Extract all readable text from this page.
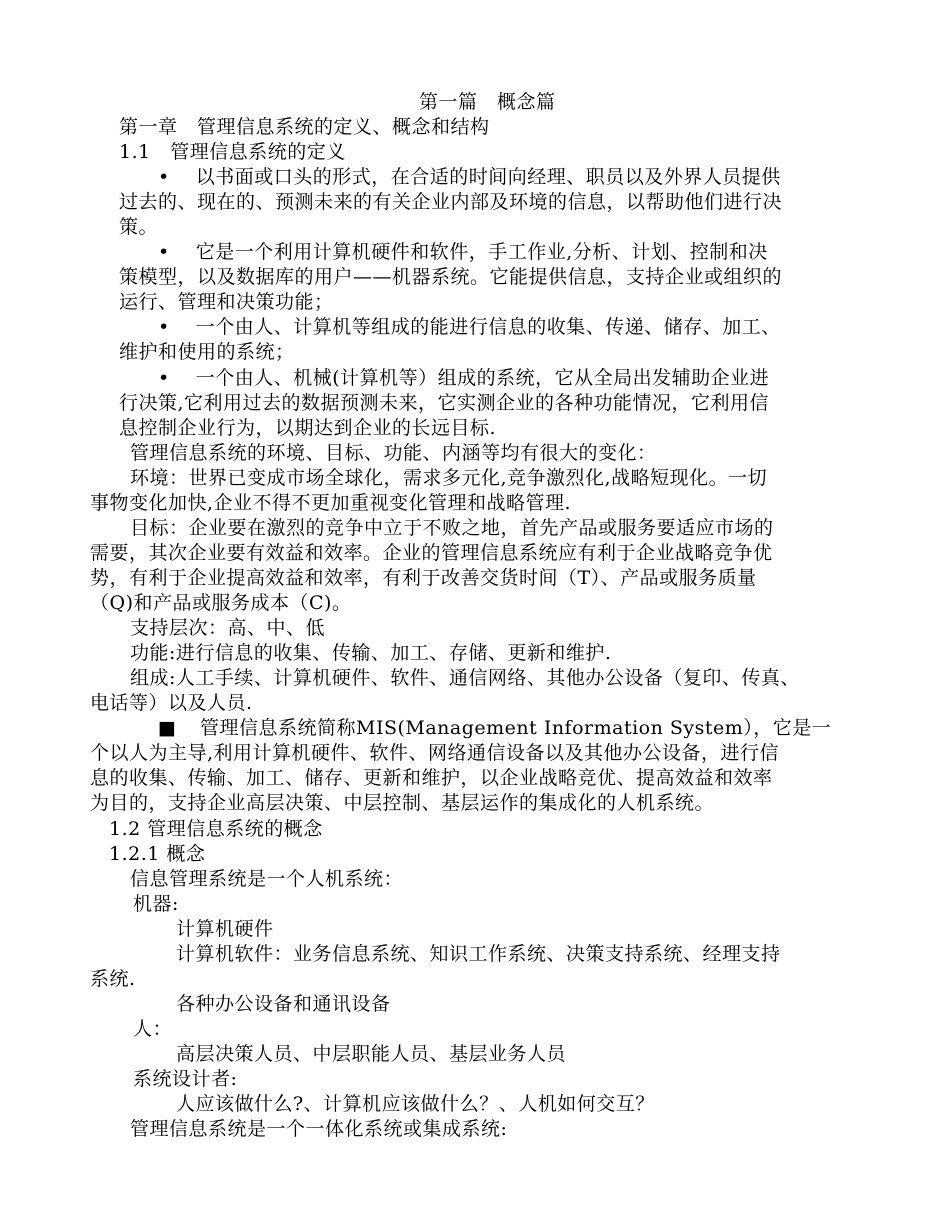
第一篇　概念篇
第一章　管理信息系统的定义、概念和结构
1.1　管理信息系统的定义
•　 以书面或口头的形式，在合适的时间向经理、职员以及外界人员提供
过去的、现在的、预测未来的有关企业内部及环境的信息，以帮助他们进行决
策。
•　 它是一个利用计算机硬件和软件，手工作业,分析、计划、控制和决
策模型，以及数据库的用户——机器系统。它能提供信息，支持企业或组织的
运行、管理和决策功能；
•　 一个由人、计算机等组成的能进行信息的收集、传递、储存、加工、
维护和使用的系统；
•　 一个由人、机械(计算机等）组成的系统，它从全局出发辅助企业进
行决策,它利用过去的数据预测未来，它实测企业的各种功能情况，它利用信
息控制企业行为，以期达到企业的长远目标.
管理信息系统的环境、目标、功能、内涵等均有很大的变化：
环境：世界已变成市场全球化，需求多元化,竞争激烈化,战略短现化。一切
事物变化加快,企业不得不更加重视变化管理和战略管理.
目标：企业要在激烈的竞争中立于不败之地，首先产品或服务要适应市场的
需要，其次企业要有效益和效率。企业的管理信息系统应有利于企业战略竞争优
势，有利于企业提高效益和效率，有利于改善交货时间（T）、产品或服务质量
（Q)和产品或服务成本（C)。
支持层次：高、中、低
功能:进行信息的收集、传输、加工、存储、更新和维护.
组成:人工手续、计算机硬件、软件、通信网络、其他办公设备（复印、传真、
电话等）以及人员.
■ 管理信息系统简称MIS(Management Information System），它是一
个以人为主导,利用计算机硬件、软件、网络通信设备以及其他办公设备，进行信
息的收集、传输、加工、储存、更新和维护，以企业战略竞优、提高效益和效率
为目的，支持企业高层决策、中层控制、基层运作的集成化的人机系统。
1.2 管理信息系统的概念
1.2.1 概念
信息管理系统是一个人机系统：
机器:
计算机硬件
计算机软件：业务信息系统、知识工作系统、决策支持系统、经理支持
系统.
各种办公设备和通讯设备
人：
高层决策人员、中层职能人员、基层业务人员
系统设计者:
人应该做什么?、计算机应该做什么？、人机如何交互？
管理信息系统是一个一体化系统或集成系统:
